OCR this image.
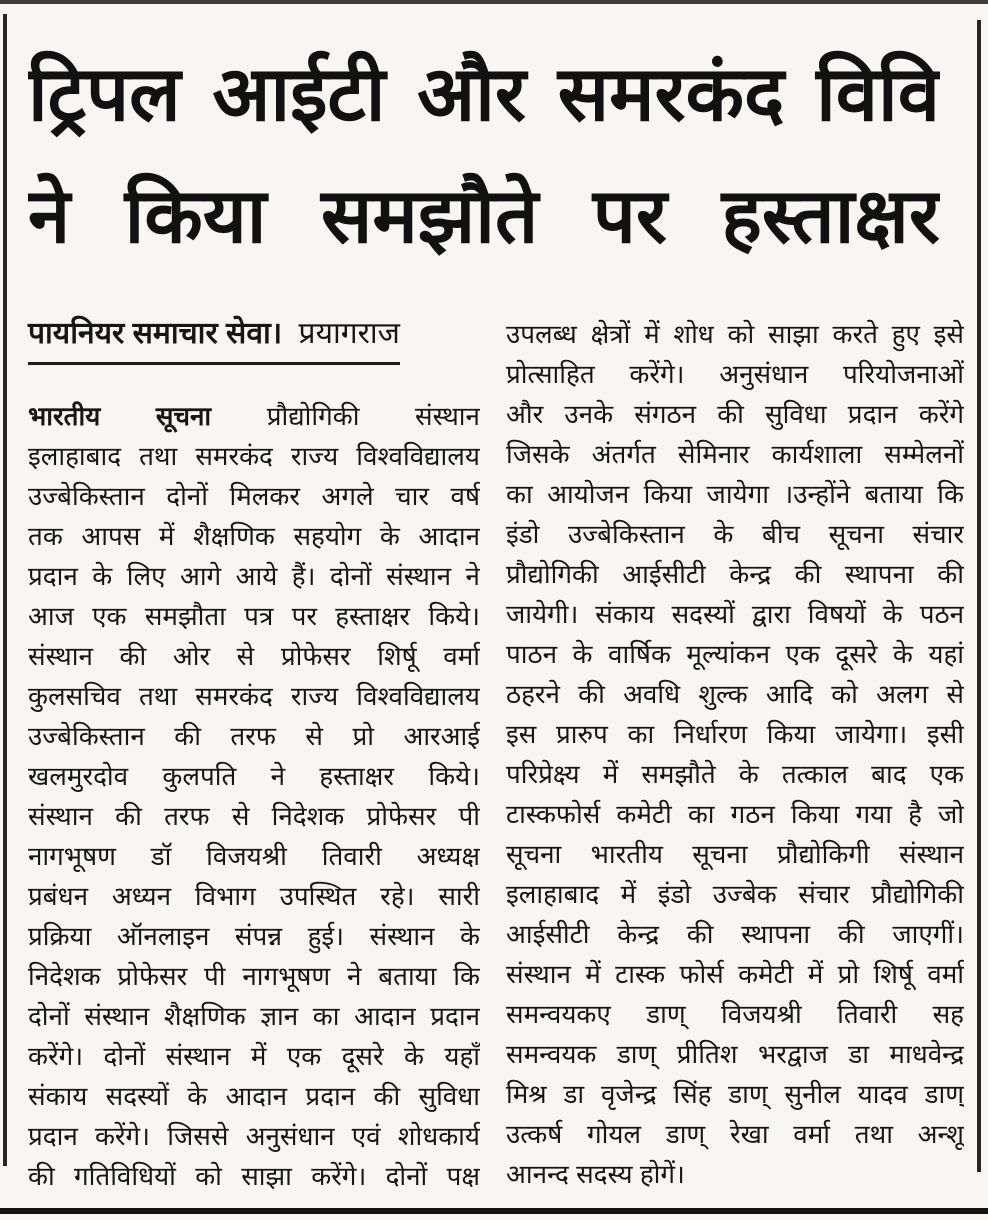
ट्रिपल आईटी और समरकंद विवि
ने किया समझौते पर हस्ताक्षर
पायनियर समाचार सेवा। प्रयागराज
भारतीय सूचना प्रौद्योगिकी संस्थान
इलाहाबाद तथा समरकंद राज्य विश्वविद्यालय
उज्बेकिस्तान दोनों मिलकर अगले चार वर्ष
तक आपस में शैक्षणिक सहयोग के आदान
प्रदान के लिए आगे आये हैं। दोनों संस्थान ने
आज एक समझौता पत्र पर हस्ताक्षर किये।
संस्थान की ओर से प्रोफेसर शिर्षू वर्मा
कुलसचिव तथा समरकंद राज्य विश्वविद्यालय
उज्बेकिस्तान की तरफ से प्रो आरआई
खलमुरदोव कुलपति ने हस्ताक्षर किये।
संस्थान की तरफ से निदेशक प्रोफेसर पी
नागभूषण डॉ विजयश्री तिवारी अध्यक्ष
प्रबंधन अध्यन विभाग उपस्थित रहे। सारी
प्रक्रिया ऑनलाइन संपन्न हुई। संस्थान के
निदेशक प्रोफेसर पी नागभूषण ने बताया कि
दोनों संस्थान शैक्षणिक ज्ञान का आदान प्रदान
करेंगे। दोनों संस्थान में एक दूसरे के यहाँ
संकाय सदस्यों के आदान प्रदान की सुविधा
प्रदान करेंगे। जिससे अनुसंधान एवं शोधकार्य
की गतिविधियों को साझा करेंगे। दोनों पक्ष
उपलब्ध क्षेत्रों में शोध को साझा करते हुए इसे
प्रोत्साहित करेंगे। अनुसंधान परियोजनाओं
और उनके संगठन की सुविधा प्रदान करेंगे
जिसके अंतर्गत सेमिनार कार्यशाला सम्मेलनों
का आयोजन किया जायेगा ।उन्होंने बताया कि
इंडो उज्बेकिस्तान के बीच सूचना संचार
प्रौद्योगिकी आईसीटी केन्द्र की स्थापना की
जायेगी। संकाय सदस्यों द्वारा विषयों के पठन
पाठन के वार्षिक मूल्यांकन एक दूसरे के यहां
ठहरने की अवधि शुल्क आदि को अलग से
इस प्रारुप का निर्धारण किया जायेगा। इसी
परिप्रेक्ष्य में समझौते के तत्काल बाद एक
टास्कफोर्स कमेटी का गठन किया गया है जो
सूचना भारतीय सूचना प्रौद्योकिगी संस्थान
इलाहाबाद में इंडो उज्बेक संचार प्रौद्योगिकी
आईसीटी केन्द्र की स्थापना की जाएगीं।
संस्थान में टास्क फोर्स कमेटी में प्रो शिर्षू वर्मा
समन्वयकए डाण् विजयश्री तिवारी सह
समन्वयक डाण् प्रीतिश भरद्वाज डा माधवेन्द्र
मिश्र डा वृजेन्द्र सिंह डाण् सुनील यादव डाण्
उत्कर्ष गोयल डाण् रेखा वर्मा तथा अन्शू
आनन्द सदस्य होगें।
